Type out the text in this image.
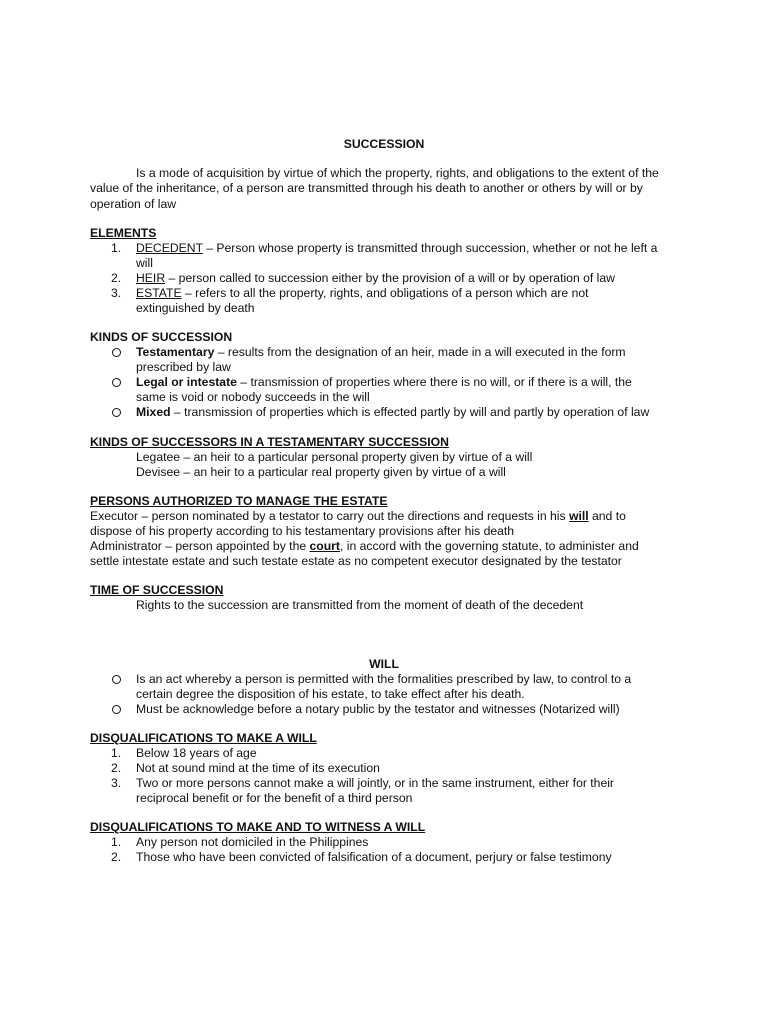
SUCCESSION
Is a mode of acquisition by virtue of which the property, rights, and obligations to the extent of the
value of the inheritance, of a person are transmitted through his death to another or others by will or by
operation of law
ELEMENTS
1. DECEDENT – Person whose property is transmitted through succession, whether or not he left a
will
2. HEIR – person called to succession either by the provision of a will or by operation of law
3. ESTATE – refers to all the property, rights, and obligations of a person which are not
extinguished by death
KINDS OF SUCCESSION
Testamentary – results from the designation of an heir, made in a will executed in the form
prescribed by law
Legal or intestate – transmission of properties where there is no will, or if there is a will, the
same is void or nobody succeeds in the will
Mixed – transmission of properties which is effected partly by will and partly by operation of law
KINDS OF SUCCESSORS IN A TESTAMENTARY SUCCESSION
Legatee – an heir to a particular personal property given by virtue of a will
Devisee – an heir to a particular real property given by virtue of a will
PERSONS AUTHORIZED TO MANAGE THE ESTATE
Executor – person nominated by a testator to carry out the directions and requests in his will and to
dispose of his property according to his testamentary provisions after his death
Administrator – person appointed by the court, in accord with the governing statute, to administer and
settle intestate estate and such testate estate as no competent executor designated by the testator
TIME OF SUCCESSION
Rights to the succession are transmitted from the moment of death of the decedent
WILL
Is an act whereby a person is permitted with the formalities prescribed by law, to control to a
certain degree the disposition of his estate, to take effect after his death.
Must be acknowledge before a notary public by the testator and witnesses (Notarized will)
DISQUALIFICATIONS TO MAKE A WILL
1. Below 18 years of age
2. Not at sound mind at the time of its execution
3. Two or more persons cannot make a will jointly, or in the same instrument, either for their
reciprocal benefit or for the benefit of a third person
DISQUALIFICATIONS TO MAKE AND TO WITNESS A WILL
1. Any person not domiciled in the Philippines
2. Those who have been convicted of falsification of a document, perjury or false testimony
